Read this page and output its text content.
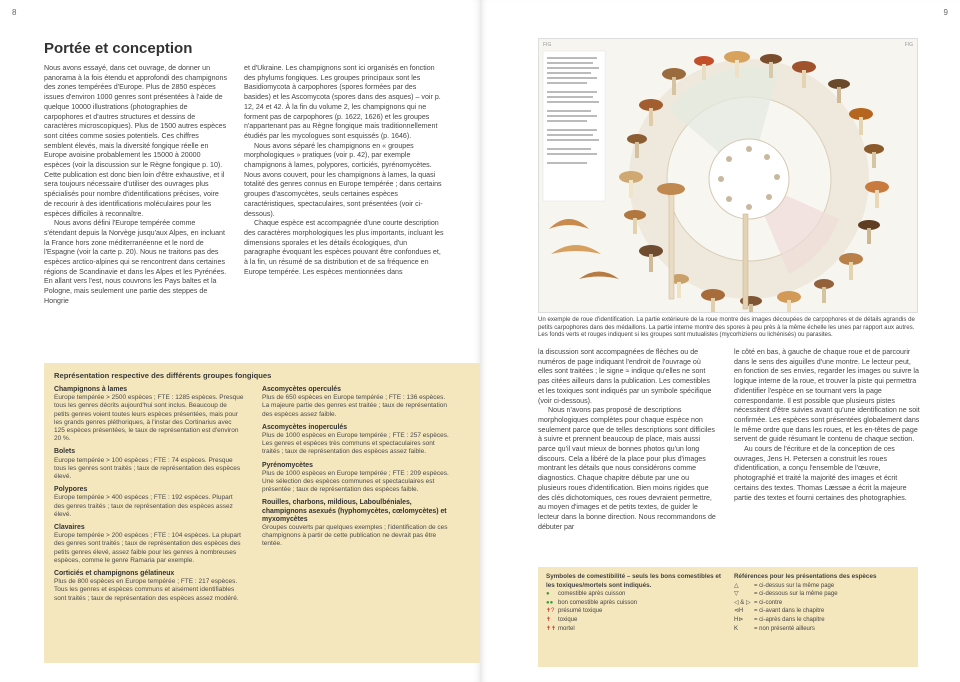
8
Portée et conception

Nous avons essayé, dans cet ouvrage, de donner un panorama à la fois étendu et approfondi des champignons des zones tempérées d'Europe. Plus de 2850 espèces issues d'environ 1000 genres sont présentées à l'aide de quelque 10000 illustrations (photographies de carpophores et d'autres structures et dessins de caractères microscopiques). Plus de 1500 autres espèces sont citées comme sosies potentiels. Ces chiffres semblent élevés, mais la diversité fongique réelle en Europe avoisine probablement les 15000 à 20000 espèces (voir la discussion sur le Règne fongique p. 10). Cette publication est donc bien loin d'être exhaustive, et il sera toujours nécessaire d'utiliser des ouvrages plus spécialisés pour nombre d'identifications précises, voire de recourir à des identifications moléculaires pour les espèces difficiles à reconnaître.

Nous avons défini l'Europe tempérée comme s'étendant depuis la Norvège jusqu'aux Alpes, en incluant la France hors zone méditerranéenne et le nord de l'Espagne (voir la carte p. 20). Nous ne traitons pas des espèces arctico-alpines qui se rencontrent dans certaines régions de Scandinavie et dans les Alpes et les Pyrénées. En allant vers l'est, nous couvrons les Pays baltes et la Pologne, mais seulement une partie des steppes de Hongrie

et d'Ukraine. Les champignons sont ici organisés en fonction des phylums fongiques. Les groupes principaux sont les Basidiomycota à carpophores (spores formées par des basides) et les Ascomycota (spores dans des asques) – voir p. 12, 24 et 42. À la fin du volume 2, les champignons qui ne forment pas de carpophores (p. 1622, 1626) et les groupes n'appartenant pas au Règne fongique mais traditionnellement étudiés par les mycologues sont esquissés (p. 1646).

Nous avons séparé les champignons en « groupes morphologiques » pratiques (voir p. 42), par exemple champignons à lames, polypores, corticiés, pyrénomycètes. Nous avons couvert, pour les champignons à lames, la quasi totalité des genres connus en Europe tempérée ; dans certains groupes d'ascomycètes, seuls certaines espèces caractéristiques, spectaculaires, sont présentées (voir ci-dessous).

Chaque espèce est accompagnée d'une courte description des caractères morphologiques les plus importants, incluant les dimensions sporales et les détails écologiques, d'un paragraphe évoquant les espèces pouvant être confondues et, à la fin, un résumé de sa distribution et de sa fréquence en Europe tempérée. Les espèces mentionnées dans

Représentation respective des différents groupes fongiques
Champignons à lames
Europe tempérée > 2500 espèces ; FTE : 1285 espèces. Presque tous les genres décrits aujourd'hui sont inclus. Beaucoup de petits genres voient toutes leurs espèces présentées, mais pour les grands genres pléthoriques, à l'instar des Cortinarius avec 125 espèces présentées, le taux de représentation est d'environ 20 %.
Bolets
Europe tempérée > 100 espèces ; FTE : 74 espèces. Presque tous les genres sont traités ; taux de représentation des espèces élevé.
Polypores
Europe tempérée > 400 espèces ; FTE : 192 espèces. Plupart des genres traités ; taux de représentation des espèces assez élevé.
Clavaires
Europe tempérée > 200 espèces ; FTE : 104 espèces. La plupart des genres sont traités ; taux de représentation des espèces des petits genres élevé, assez faible pour les genres à nombreuses espèces, comme le genre Ramaria par exemple.
Corticiés et champignons gélatineux
Plus de 800 espèces en Europe tempérée ; FTE : 217 espèces. Tous les genres et espèces communs et aisément identifiables sont traités ; taux de représentation des espèces assez modéré.
Ascomycètes operculés
Plus de 650 espèces en Europe tempérée ; FTE : 136 espèces. La majeure partie des genres est traitée ; taux de représentation des espèces assez faible.
Ascomycètes inoperculés
Plus de 1000 espèces en Europe tempérée ; FTE : 257 espèces. Les genres et espèces très communs et spectaculaires sont traités ; taux de représentation des espèces assez faible.
Pyrénomycètes
Plus de 1000 espèces en Europe tempérée ; FTE : 209 espèces. Une sélection des espèces communes et spectaculaires est présentée ; taux de représentation des espèces faible.
Rouilles, charbons, mildious, Laboulbéniales, champignons asexués (hyphomycètes, cœlomycètes) et myxomycètes
Groupes couverts par quelques exemples ; l'identification de ces champignons à partir de cette publication ne devrait pas être tentée.
9
FIG	FIG
Un exemple de roue d'identification. La partie extérieure de la roue montre des images découpées de carpophores et de détails agrandis de petits carpophores dans des médaillons. La partie interne montre des spores à peu près à la même échelle les unes par rapport aux autres. Les fonds verts et rouges indiquent si les groupes sont mutualistes (mycorhiziens ou lichénisés) ou parasites.

la discussion sont accompagnées de flèches ou de numéros de page indiquant l'endroit de l'ouvrage où elles sont traitées ; le signe ≈ indique qu'elles ne sont pas citées ailleurs dans la publication. Les comestibles et les toxiques sont indiqués par un symbole spécifique (voir ci-dessous).

Nous n'avons pas proposé de descriptions morphologiques complètes pour chaque espèce non seulement parce que de telles descriptions sont difficiles à suivre et prennent beaucoup de place, mais aussi parce qu'il vaut mieux de bonnes photos qu'un long discours. Cela a libéré de la place pour plus d'images montrant les détails que nous considérons comme diagnostics. Chaque chapitre débute par une ou plusieurs roues d'identification. Bien moins rigides que des clés dichotomiques, ces roues devraient permettre, au moyen d'images et de petits textes, de guider le lecteur dans la bonne direction. Nous recommandons de débuter par

le côté en bas, à gauche de chaque roue et de parcourir dans le sens des aiguilles d'une montre. Le lecteur peut, en fonction de ses envies, regarder les images ou suivre la logique interne de la roue, et trouver la piste qui permettra d'identifier l'espèce en se tournant vers la page correspondante. Il est possible que plusieurs pistes nécessitent d'être suivies avant qu'une identification ne soit confirmée. Les espèces sont présentées globalement dans le même ordre que dans les roues, et les en-têtes de page servent de guide résumant le contenu de chaque section.

Au cours de l'écriture et de la conception de ces ouvrages, Jens H. Petersen a construit les roues d'identification, a conçu l'ensemble de l'œuvre, photographié et traité la majorité des images et écrit certains des textes. Thomas Læssøe a écrit la majeure partie des textes et fourni certaines des photographies.

Symboles de comestibilité – seuls les bons comestibles et les toxiques/mortels sont indiqués.
● comestible après cuisson
●● bon comestible après cuisson
✝? présumé toxique
✝ toxique
✝✝ mortel
Références pour les présentations des espèces
△	= ci-dessus sur la même page
▽	= ci-dessous sur la même page
◁ & ▷ = ci-contre
⊲H = ci-avant dans le chapitre
H⊳ = ci-après dans le chapitre
K	= non présenté ailleurs
